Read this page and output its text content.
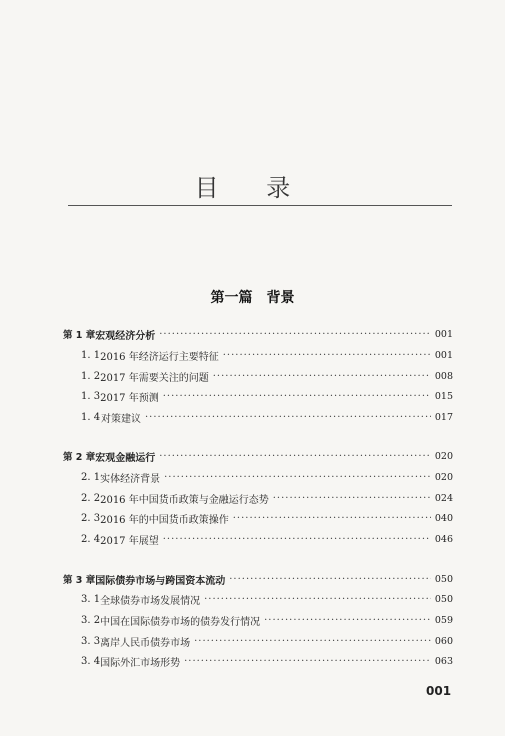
目 录
第一篇　背景
第 1 章 宏观经济分析 ·····	001
1. 1 2016 年经济运行主要特征 ·····	001
1. 2 2017 年需要关注的问题 ·····	008
1. 3 2017 年预测 ·····	015
1. 4 对策建议 ·····	017
第 2 章 宏观金融运行 ·····	020
2. 1 实体经济背景 ·····	020
2. 2 2016 年中国货币政策与金融运行态势 ·····	024
2. 3 2016 年的中国货币政策操作 ·····	040
2. 4 2017 年展望 ·····	046
第 3 章 国际债券市场与跨国资本流动 ·····	050
3. 1 全球债券市场发展情况 ·····	050
3. 2 中国在国际债券市场的债券发行情况 ·····	059
3. 3 离岸人民币债券市场 ·····	060
3. 4 国际外汇市场形势 ·····	063
001
